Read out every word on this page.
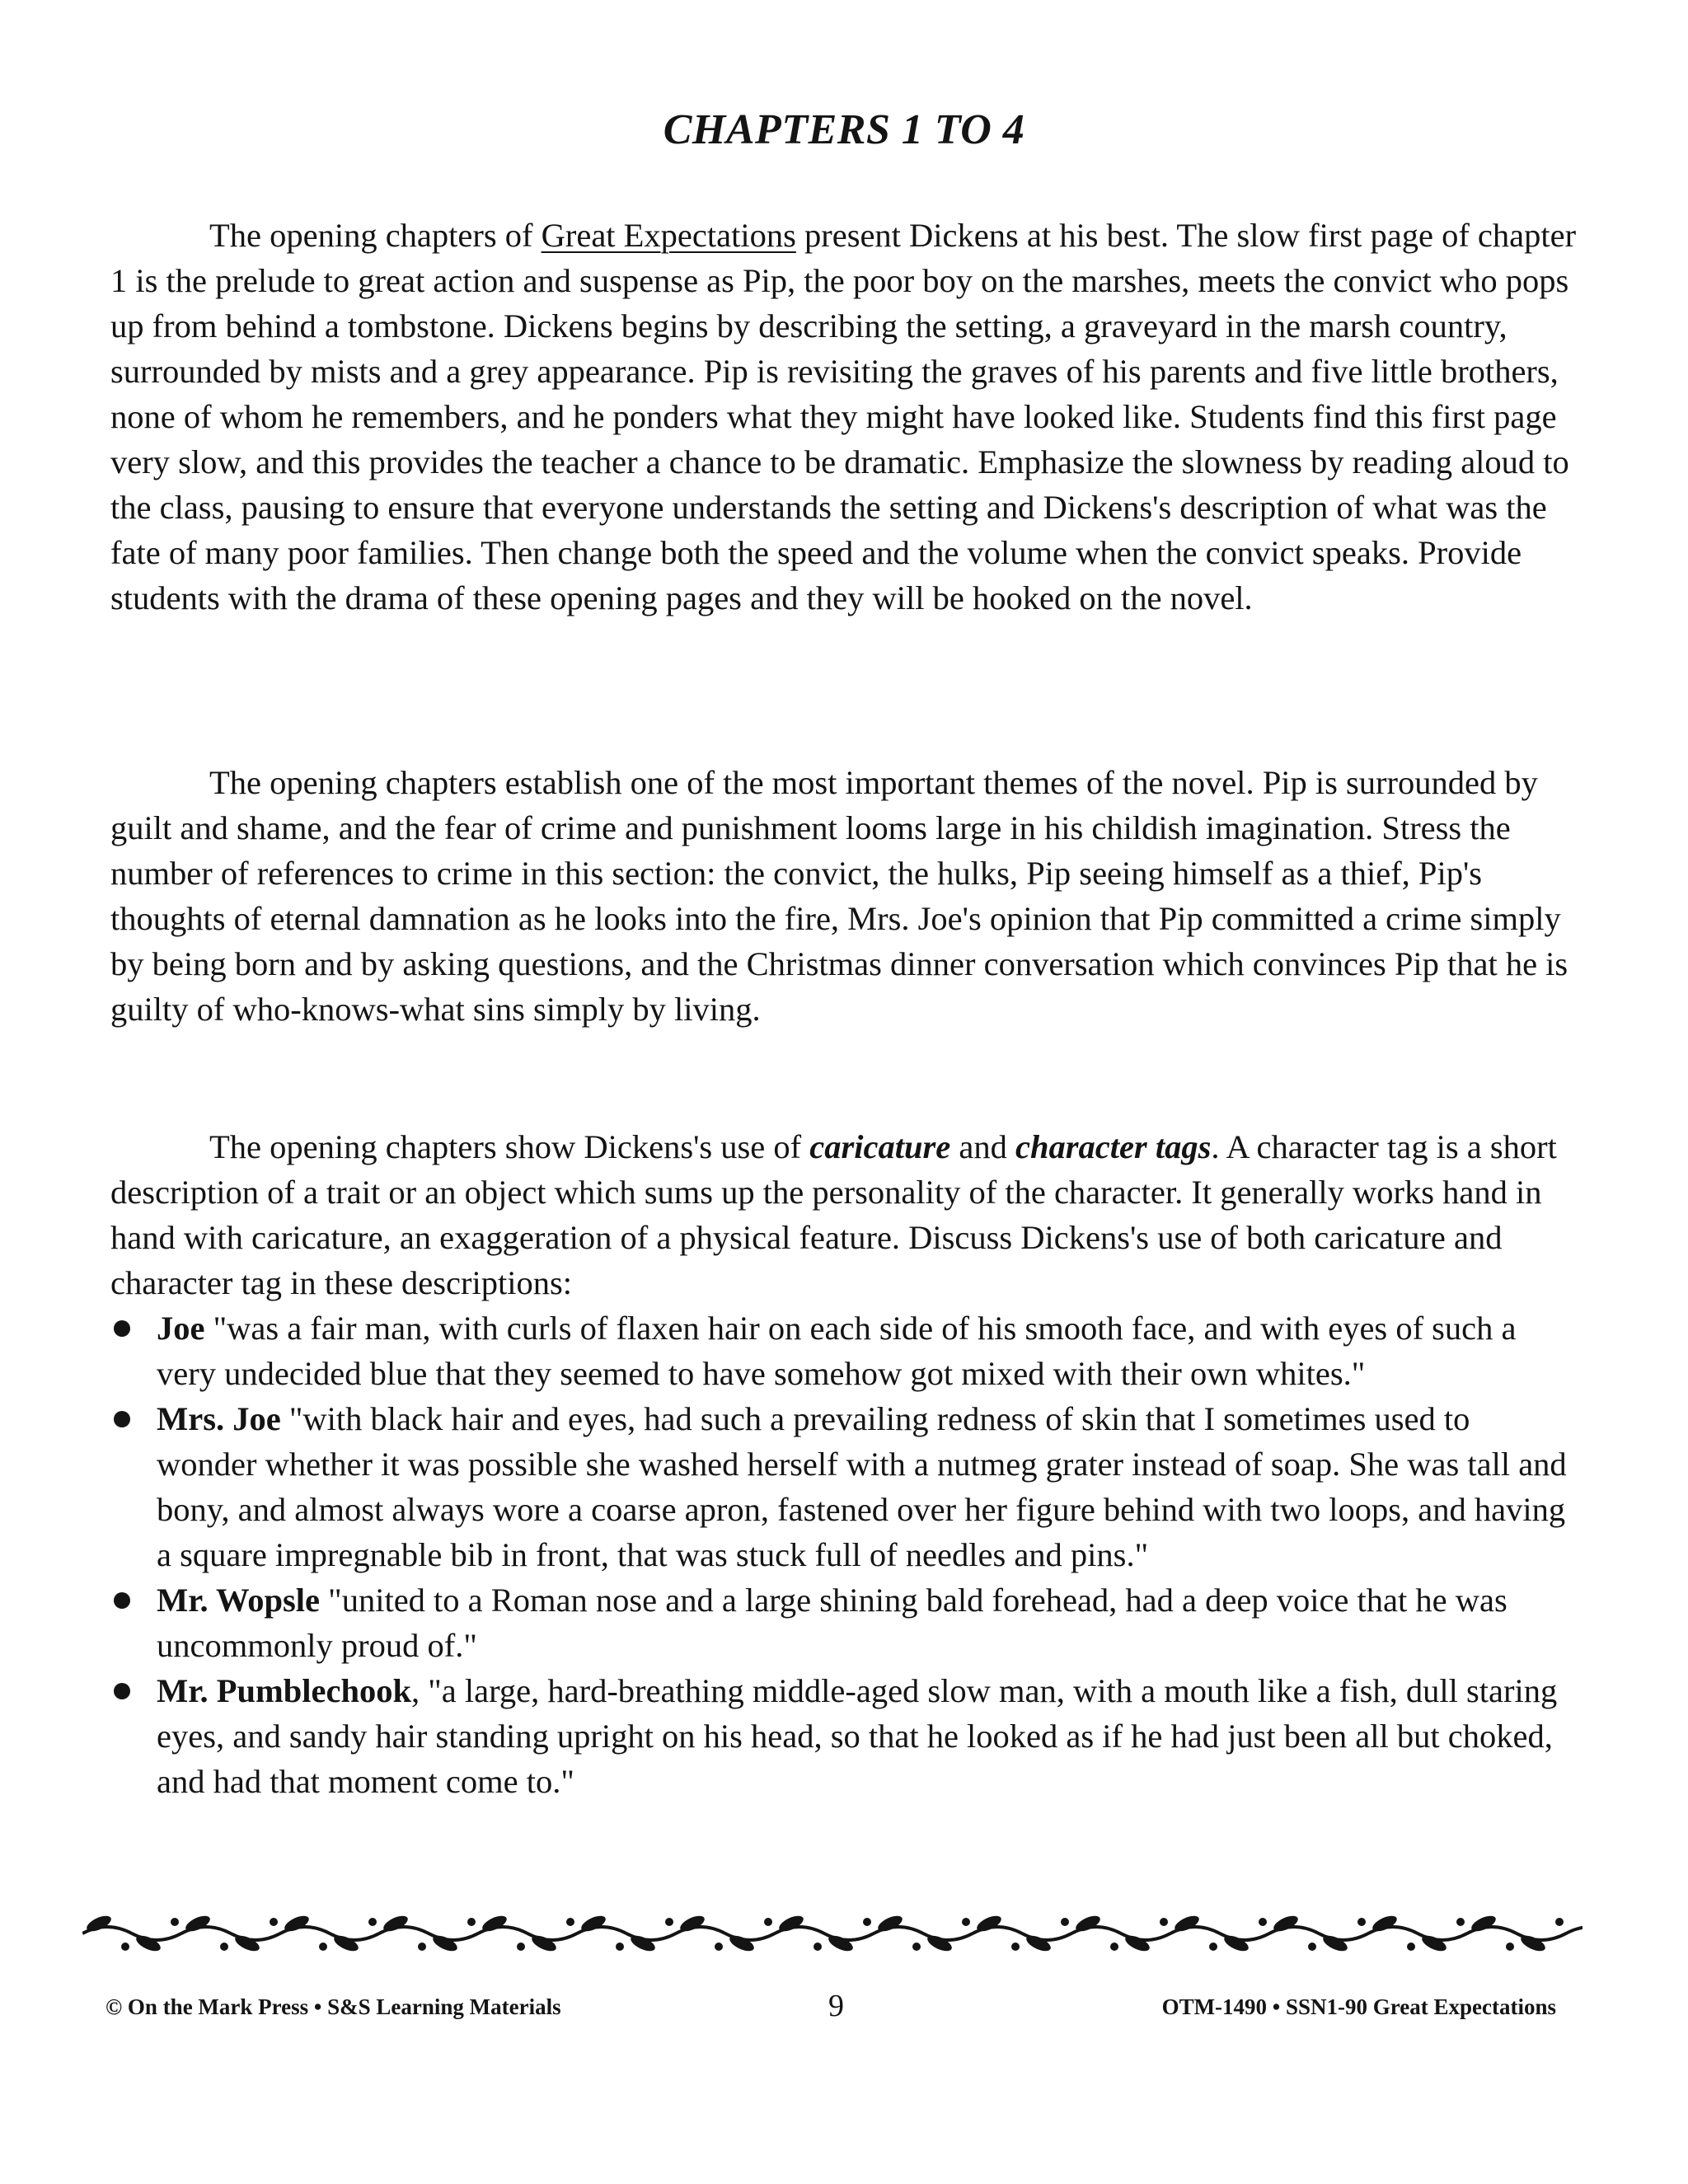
CHAPTERS 1 TO 4

The opening chapters of Great Expectations present Dickens at his best. The slow first page of chapter 1 is the prelude to great action and suspense as Pip, the poor boy on the marshes, meets the convict who pops up from behind a tombstone. Dickens begins by describing the setting, a graveyard in the marsh country, surrounded by mists and a grey appearance. Pip is revisiting the graves of his parents and five little brothers, none of whom he remembers, and he ponders what they might have looked like. Students find this first page very slow, and this provides the teacher a chance to be dramatic. Emphasize the slowness by reading aloud to the class, pausing to ensure that everyone understands the setting and Dickens's description of what was the fate of many poor families. Then change both the speed and the volume when the convict speaks. Provide students with the drama of these opening pages and they will be hooked on the novel.

The opening chapters establish one of the most important themes of the novel. Pip is surrounded by guilt and shame, and the fear of crime and punishment looms large in his childish imagination. Stress the number of references to crime in this section: the convict, the hulks, Pip seeing himself as a thief, Pip's thoughts of eternal damnation as he looks into the fire, Mrs. Joe's opinion that Pip committed a crime simply by being born and by asking questions, and the Christmas dinner conversation which convinces Pip that he is guilty of who-knows-what sins simply by living.

The opening chapters show Dickens's use of caricature and character tags. A character tag is a short description of a trait or an object which sums up the personality of the character. It generally works hand in hand with caricature, an exaggeration of a physical feature. Discuss Dickens's use of both caricature and character tag in these descriptions:

Joe "was a fair man, with curls of flaxen hair on each side of his smooth face, and with eyes of such a very undecided blue that they seemed to have somehow got mixed with their own whites."
Mrs. Joe "with black hair and eyes, had such a prevailing redness of skin that I sometimes used to wonder whether it was possible she washed herself with a nutmeg grater instead of soap. She was tall and bony, and almost always wore a coarse apron, fastened over her figure behind with two loops, and having a square impregnable bib in front, that was stuck full of needles and pins."
Mr. Wopsle "united to a Roman nose and a large shining bald forehead, had a deep voice that he was uncommonly proud of."
Mr. Pumblechook, "a large, hard-breathing middle-aged slow man, with a mouth like a fish, dull staring eyes, and sandy hair standing upright on his head, so that he looked as if he had just been all but choked, and had that moment come to."
© On the Mark Press • S&S Learning Materials	9	OTM-1490 • SSN1-90 Great Expectations
